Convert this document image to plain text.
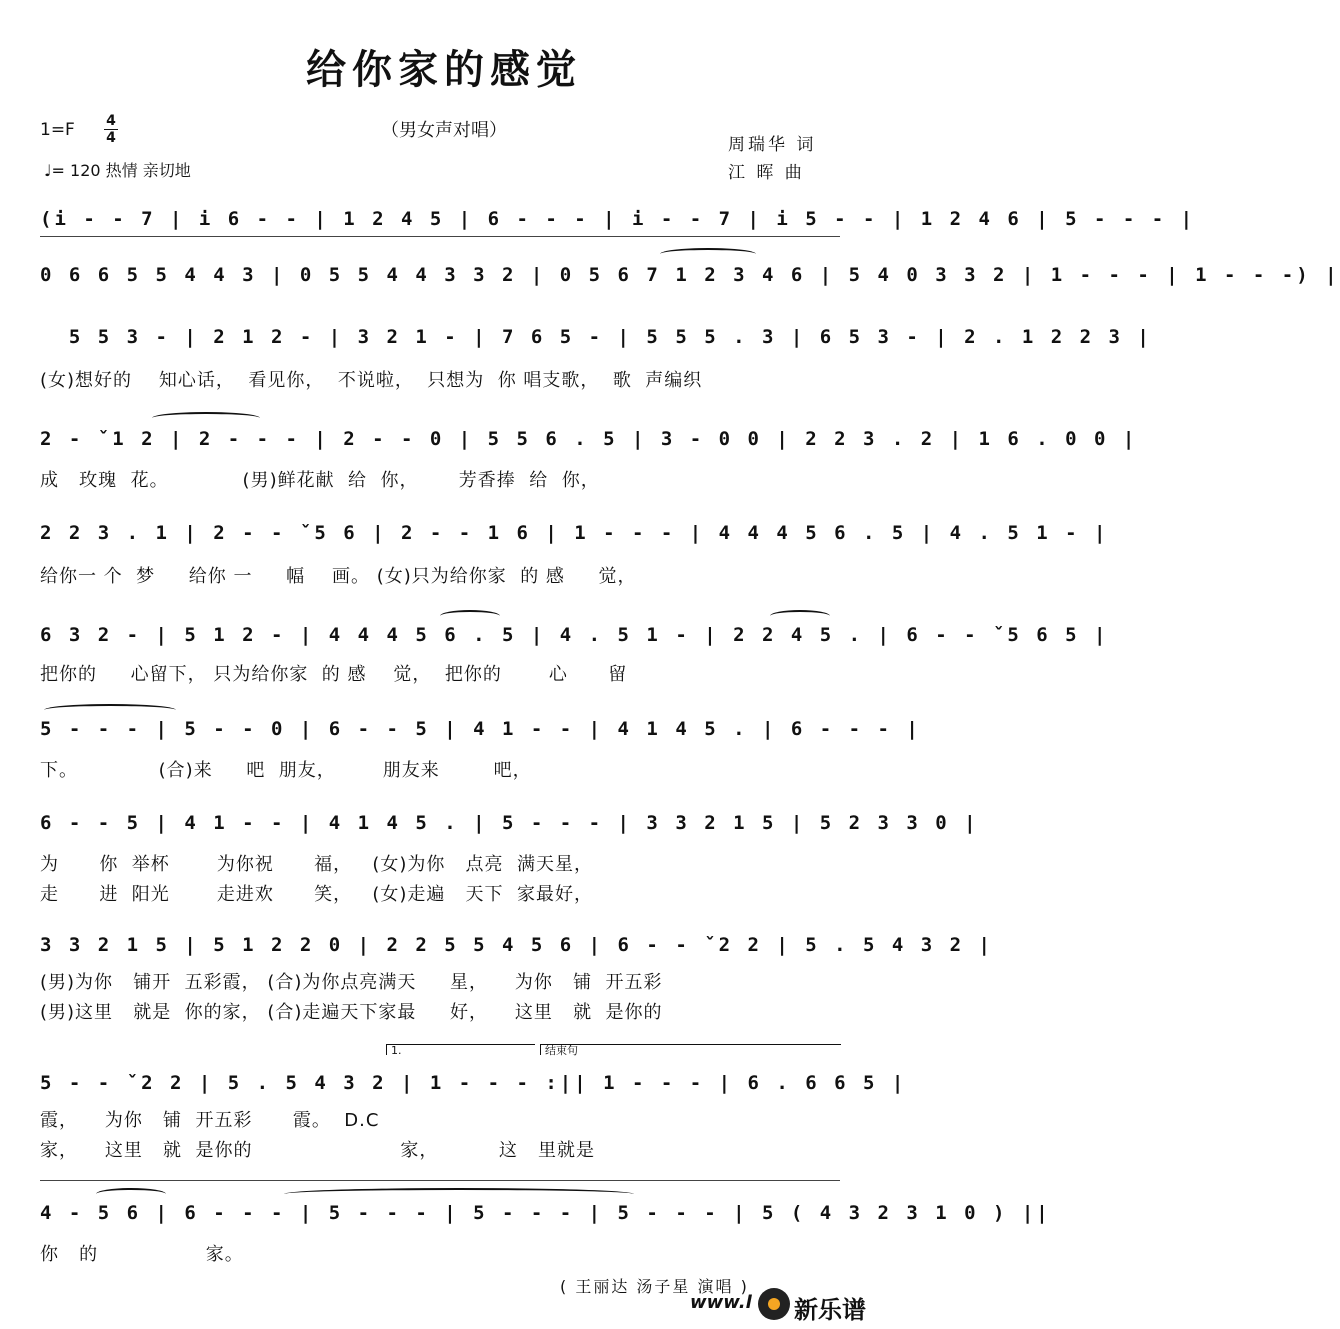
给你家的感觉
（男女声对唱）
1=F 4
4
♩= 120 热情 亲切地
周瑞华 词
江 晖 曲
(i - - 7 | i 6 - - | 1 2 4 5 | 6 - - - | i - - 7 | i 5 - - | 1 2 4 6 | 5 - - - |
0 6 6 5 5 4 4 3 | 0 5 5 4 4 3 3 2 | 0 5 6 7 1 2 3 4 6 | 5 4 0 3 3 2 | 1 - - - | 1 - - -) |
5 5 3 - | 2 1 2 - | 3 2 1 - | 7 6 5 - | 5 5 5 . 3 | 6 5 3 - | 2 . 1 2 2 3 |
(女)想好的    知心话，  看见你，  不说啦，  只想为  你 唱支歌，  歌  声编织
2 - ˇ1 2 | 2 - - - | 2 - - 0 | 5 5 6 . 5 | 3 - 0 0 | 2 2 3 . 2 | 1 6 . 0 0 |
成   玫瑰  花。           (男)鲜花献  给  你，      芳香捧  给  你，
2 2 3 . 1 | 2 - - ˇ5 6 | 2 - - 1 6 | 1 - - - | 4 4 4 5 6 . 5 | 4 . 5 1 - |
给你一 个  梦     给你 一     幅    画。 (女)只为给你家  的 感     觉，
6 3 2 - | 5 1 2 - | 4 4 4 5 6 . 5 | 4 . 5 1 - | 2 2 4 5 . | 6 - - ˇ5 6 5 |
把你的     心留下， 只为给你家  的 感    觉，  把你的       心      留
5 - - - | 5 - - 0 | 6 - - 5 | 4 1 - - | 4 1 4 5 . | 6 - - - |
下。            (合)来     吧  朋友，       朋友来        吧，
6 - - 5 | 4 1 - - | 4 1 4 5 . | 5 - - - | 3 3 2 1 5 | 5 2 3 3 0 |
为      你  举杯       为你祝      福，   (女)为你   点亮  满天星，
走      进  阳光       走进欢      笑，   (女)走遍   天下  家最好，
3 3 2 1 5 | 5 1 2 2 0 | 2 2 5 5 4 5 6 | 6 - - ˇ2 2 | 5 . 5 4 3 2 |
(男)为你   铺开  五彩霞， (合)为你点亮满天     星，    为你   铺  开五彩
(男)这里   就是  你的家， (合)走遍天下家最     好，    这里   就  是你的
1.	结束句
5 - - ˇ2 2 | 5 . 5 4 3 2 | 1 - - - :|| 1 - - - | 6 . 6 6 5 |
霞，    为你   铺  开五彩      霞。  D.C
家，    这里   就  是你的                      家，         这   里就是
4 - 5 6 | 6 - - - | 5 - - - | 5 - - - | 5 - - - | 5 ( 4 3 2 3 1 0 ) ||
你   的                家。
( 王丽达 汤子星 演唱 )
www.l 新乐谱
